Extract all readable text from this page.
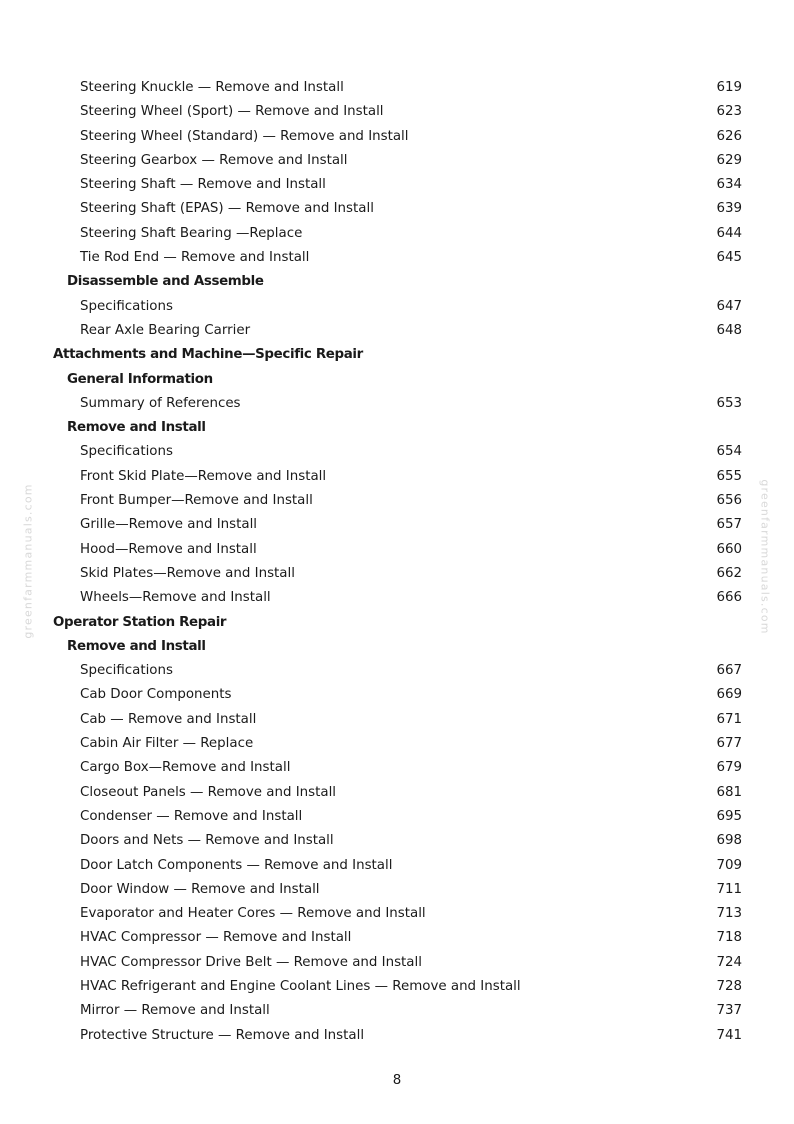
Steering Knuckle — Remove and Install	619
Steering Wheel (Sport) — Remove and Install	623
Steering Wheel (Standard) — Remove and Install	626
Steering Gearbox — Remove and Install	629
Steering Shaft — Remove and Install	634
Steering Shaft (EPAS) — Remove and Install	639
Steering Shaft Bearing —Replace	644
Tie Rod End — Remove and Install	645
Disassemble and Assemble
Specifications	647
Rear Axle Bearing Carrier	648
Attachments and Machine—Specific Repair
General Information
Summary of References	653
Remove and Install
Specifications	654
Front Skid Plate—Remove and Install	655
Front Bumper—Remove and Install	656
Grille—Remove and Install	657
Hood—Remove and Install	660
Skid Plates—Remove and Install	662
Wheels—Remove and Install	666
Operator Station Repair
Remove and Install
Specifications	667
Cab Door Components	669
Cab — Remove and Install	671
Cabin Air Filter — Replace	677
Cargo Box—Remove and Install	679
Closeout Panels — Remove and Install	681
Condenser — Remove and Install	695
Doors and Nets — Remove and Install	698
Door Latch Components — Remove and Install	709
Door Window — Remove and Install	711
Evaporator and Heater Cores — Remove and Install	713
HVAC Compressor — Remove and Install	718
HVAC Compressor Drive Belt — Remove and Install	724
HVAC Refrigerant and Engine Coolant Lines — Remove and Install	728
Mirror — Remove and Install	737
Protective Structure — Remove and Install	741
8
greenfarmmanuals.com	greenfarmmanuals.com
